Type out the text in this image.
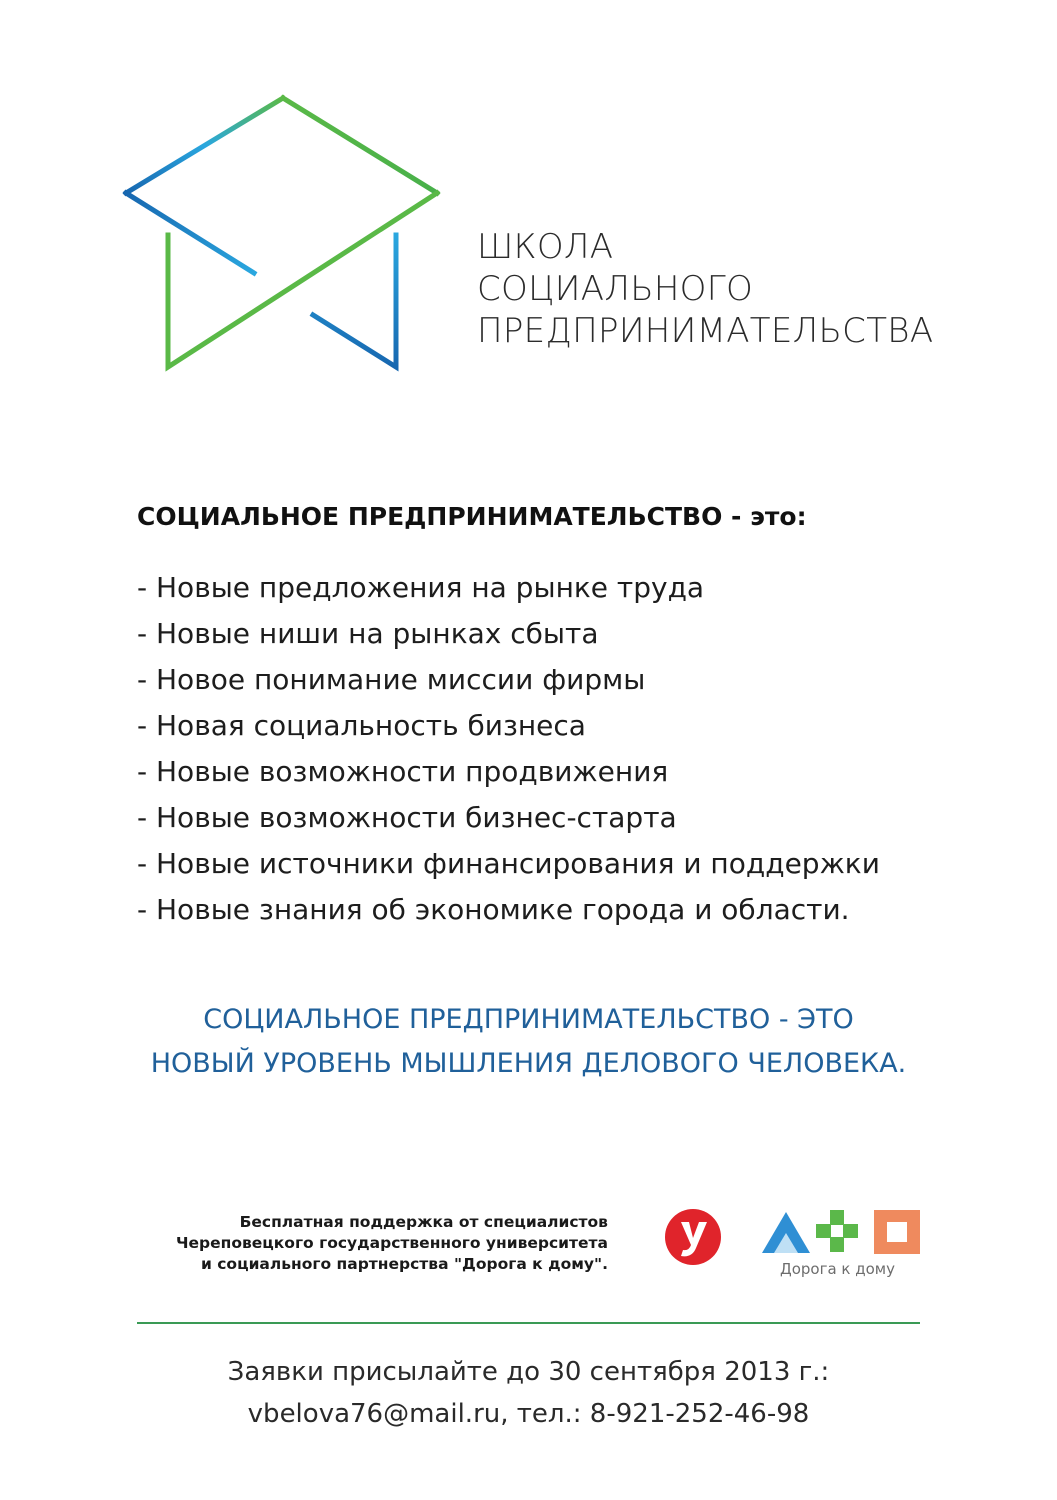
ШКОЛА
СОЦИАЛЬНОГО
ПРЕДПРИНИМАТЕЛЬСТВА
СОЦИАЛЬНОЕ ПРЕДПРИНИМАТЕЛЬСТВО - это:
- Новые предложения на рынке труда
- Новые ниши на рынках сбыта
- Новое понимание миссии фирмы
- Новая социальность бизнеса
- Новые возможности продвижения
- Новые возможности бизнес-старта
- Новые источники финансирования и поддержки
- Новые знания об экономике города и области.
СОЦИАЛЬНОЕ ПРЕДПРИНИМАТЕЛЬСТВО - ЭТО
НОВЫЙ УРОВЕНЬ МЫШЛЕНИЯ ДЕЛОВОГО ЧЕЛОВЕКА.
Бесплатная поддержка от специалистов
Череповецкого государственного университета
и социального партнерства "Дорога к дому".	Дорога к дому
Заявки присылайте до 30 сентября 2013 г.:
vbelova76@mail.ru, тел.: 8-921-252-46-98
